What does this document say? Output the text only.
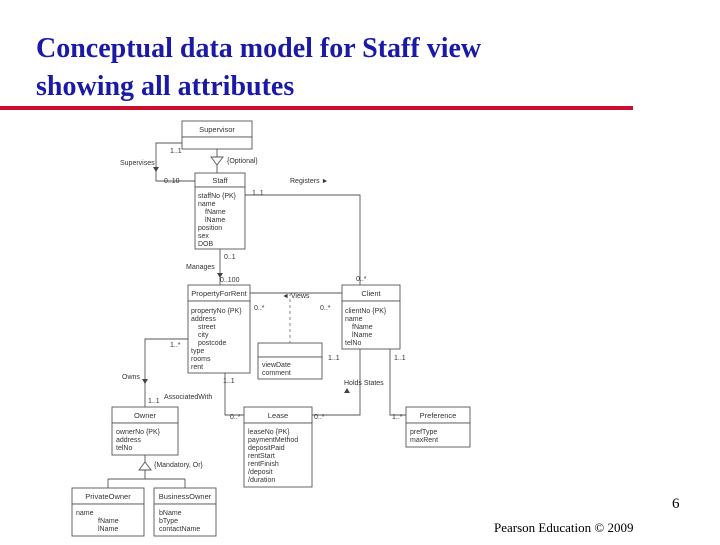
Conceptual data model for Staff view
showing all attributes
Supervisor
Staff
staffNo {PK}
name
fName
lName
position
sex
DOB
PropertyForRent
propertyNo {PK}
address
street
city
postcode
type
rooms
rent
Client
clientNo {PK}
name
fName
lName
telNo
viewDate
comment
Owner
ownerNo {PK}
address
telNo
Lease
leaseNo {PK}
paymentMethod
depositPaid
rentStart
rentFinish
/deposit
/duration
Preference
prefType
maxRent
PrivateOwner
name
fName
lName
BusinessOwner
bName
bType
contactName
Supervises	{Optional}
Registers ►
Manages
◄ Views
Owns
AssociatedWith
Holds States
{Mandatory, Or}
1..1
0..10
1..1
0..*
0..1
0..100
0..*	0..*
1..*
1..1
1..1
0..*	0..*
1..1	1..1
1..*
6
Pearson Education © 2009
